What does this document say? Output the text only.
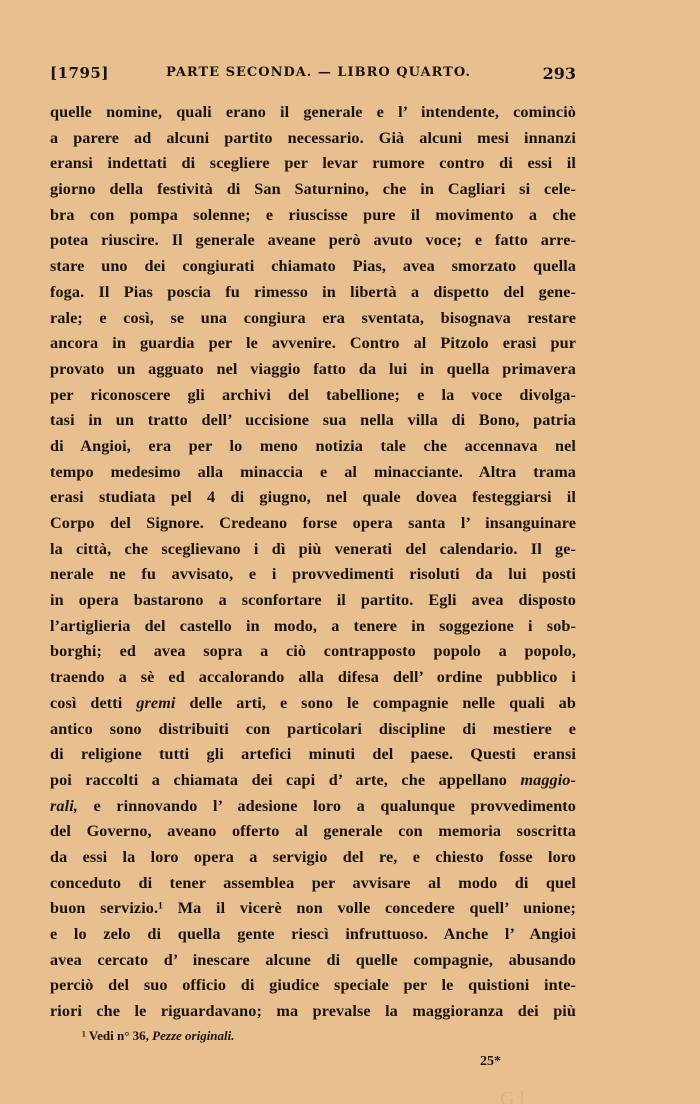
[1795]	PARTE SECONDA. — LIBRO QUARTO.	293
quelle nomine, quali erano il generale e l’ intendente, cominciò
a parere ad alcuni partito necessario. Già alcuni mesi innanzi
eransi indettati di scegliere per levar rumore contro di essi il
giorno della festività di San Saturnino, che in Cagliari si cele-
bra con pompa solenne; e riuscisse pure il movimento a che
potea riuscire. Il generale aveane però avuto voce; e fatto arre-
stare uno dei congiurati chiamato Pias, avea smorzato quella
foga. Il Pias poscia fu rimesso in libertà a dispetto del gene-
rale; e così, se una congiura era sventata, bisognava restare
ancora in guardia per le avvenire. Contro al Pitzolo erasi pur
provato un agguato nel viaggio fatto da lui in quella primavera
per riconoscere gli archivi del tabellione; e la voce divolga-
tasi in un tratto dell’ uccisione sua nella villa di Bono, patria
di Angioi, era per lo meno notizia tale che accennava nel
tempo medesimo alla minaccia e al minacciante. Altra trama
erasi studiata pel 4 di giugno, nel quale dovea festeggiarsi il
Corpo del Signore. Credeano forse opera santa l’ insanguinare
la città, che sceglievano i dì più venerati del calendario. Il ge-
nerale ne fu avvisato, e i provvedimenti risoluti da lui posti
in opera bastarono a sconfortare il partito. Egli avea disposto
l’artiglieria del castello in modo, a tenere in soggezione i sob-
borghi; ed avea sopra a ciò contrapposto popolo a popolo,
traendo a sè ed accalorando alla difesa dell’ ordine pubblico i
così detti gremi delle arti, e sono le compagnie nelle quali ab
antico sono distribuiti con particolari discipline di mestiere e
di religione tutti gli artefici minuti del paese. Questi eransi
poi raccolti a chiamata dei capi d’ arte, che appellano maggio-
rali, e rinnovando l’ adesione loro a qualunque provvedimento
del Governo, aveano offerto al generale con memoria soscritta
da essi la loro opera a servigio del re, e chiesto fosse loro
conceduto di tener assemblea per avvisare al modo di quel
buon servizio.¹ Ma il vicerè non volle concedere quell’ unione;
e lo zelo di quella gente riescì infruttuoso. Anche l’ Angioi
avea cercato d’ inescare alcune di quelle compagnie, abusando
perciò del suo officio di giudice speciale per le quistioni inte-
riori che le riguardavano; ma prevalse la maggioranza dei più
¹ Vedi n° 36, Pezze originali.
25*
G l
